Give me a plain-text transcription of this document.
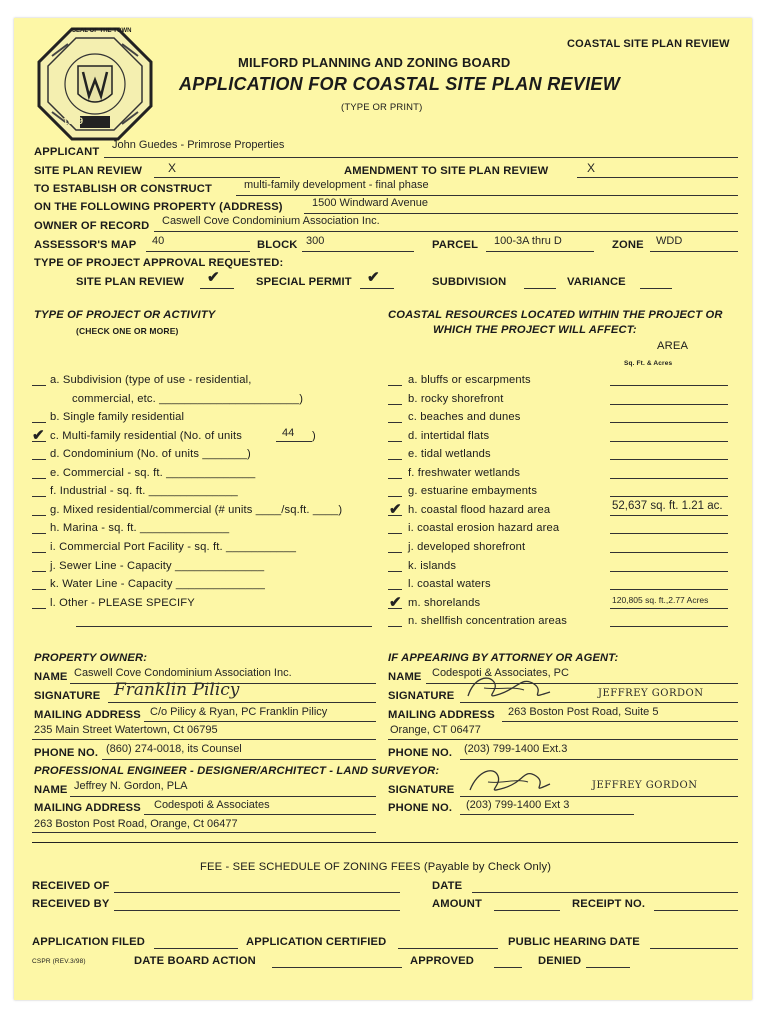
SEAL OF THE TOWN
1639
COASTAL SITE PLAN REVIEW
MILFORD PLANNING AND ZONING BOARD
APPLICATION FOR COASTAL SITE PLAN REVIEW
(TYPE OR PRINT)
APPLICANT
John Guedes - Primrose Properties
SITE PLAN REVIEW X	AMENDMENT TO SITE PLAN REVIEW	X
TO ESTABLISH OR CONSTRUCT	multi-family development - final phase
ON THE FOLLOWING PROPERTY (ADDRESS)	1500 Windward Avenue
OWNER OF RECORD Caswell Cove Condominium Association Inc.
ASSESSOR'S MAP 40	BLOCK 300	PARCEL 100-3A thru D	ZONE WDD
TYPE OF PROJECT APPROVAL REQUESTED:
SITE PLAN REVIEW ✔	SPECIAL PERMIT ✔	SUBDIVISION	VARIANCE
TYPE OF PROJECT OR ACTIVITY
(CHECK ONE OR MORE)
COASTAL RESOURCES LOCATED WITHIN THE PROJECT OR
WHICH THE PROJECT WILL AFFECT:
AREA
Sq. Ft. & Acres
PROPERTY OWNER:
NAME Caswell Cove Condominium Association Inc.
SIGNATURE Franklin Pilicy
MAILING ADDRESS C/o Pilicy & Ryan, PC Franklin Pilicy
235 Main Street Watertown, Ct 06795
PHONE NO. (860) 274-0018, its Counsel
IF APPEARING BY ATTORNEY OR AGENT:
NAME Codespoti & Associates, PC
SIGNATURE	JEFFREY GORDON
MAILING ADDRESS 263 Boston Post Road, Suite 5
Orange, CT 06477
PHONE NO. (203) 799-1400 Ext.3
PROFESSIONAL ENGINEER - DESIGNER/ARCHITECT - LAND SURVEYOR:
NAME Jeffrey N. Gordon, PLA
MAILING ADDRESS Codespoti & Associates
263 Boston Post Road, Orange, Ct 06477
SIGNATURE	JEFFREY GORDON
PHONE NO. (203) 799-1400 Ext 3
FEE - SEE SCHEDULE OF ZONING FEES (Payable by Check Only)
RECEIVED OF	DATE
RECEIVED BY	AMOUNT	RECEIPT NO.
APPLICATION FILED	APPLICATION CERTIFIED	PUBLIC HEARING DATE
CSPR (REV.3/98)	DATE BOARD ACTION	APPROVED	DENIED
a. Subdivision (type of use - residential,
commercial, etc. ______________________)
b. Single family residential
✔ c. Multi-family residential (No. of units	44 )
d. Condominium (No. of units _______)
e. Commercial - sq. ft. ______________
f. Industrial - sq. ft. ______________
g. Mixed residential/commercial (# units ____/sq.ft. ____)
h. Marina - sq. ft. ______________
i. Commercial Port Facility - sq. ft. ___________
j. Sewer Line - Capacity ______________
k. Water Line - Capacity ______________
l. Other - PLEASE SPECIFY
a. bluffs or escarpments
b. rocky shorefront
c. beaches and dunes
d. intertidal flats
e. tidal wetlands
f. freshwater wetlands
g. estuarine embayments
✔ h. coastal flood hazard area	52,637 sq. ft. 1.21 ac.
i. coastal erosion hazard area
j. developed shorefront
k. islands
l. coastal waters
✔ m. shorelands	120,805 sq. ft.,2.77 Acres
n. shellfish concentration areas
